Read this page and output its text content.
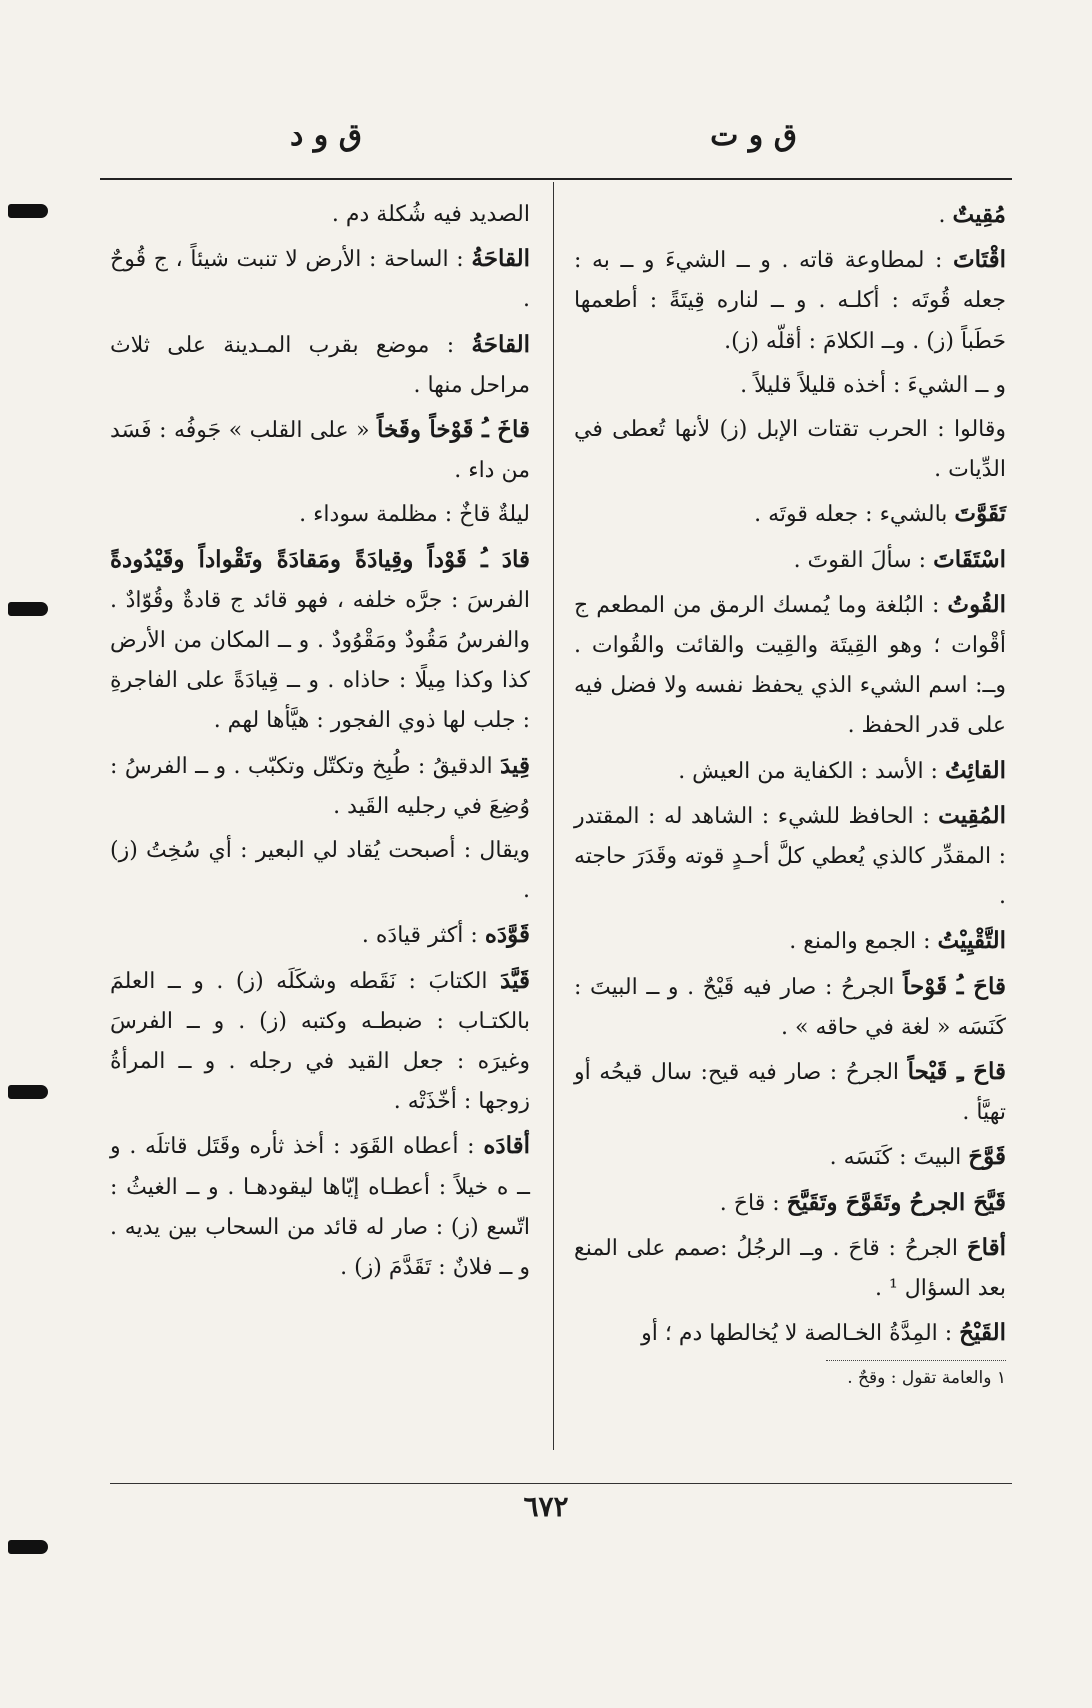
ق و ت
ق و د

مُقِيتٌ .

اقْتَاتَ : لمطاوعة قاته . و ــ الشيءَ و ــ به : جعله قُوتَه : أكلـه . و ــ لناره قِيتَةً : أطعمها حَطَباً (ز) . وــ الكلامَ : أقلّه (ز).

و ــ الشيءَ : أخذه قليلاً قليلاً .

وقالوا : الحرب تقتات الإبل (ز) لأنها تُعطى في الدِّيات .

تَقَوَّتَ بالشيء : جعله قوتَه .

اسْتَقَاتَ : سألَ القوتَ .

القُوتُ : البُلغة وما يُمسك الرمق من المطعم ج أقْوات ؛ وهو القِيتَة والقِيت والقائت والقُوات . وــ: اسم الشيء الذي يحفظ نفسه ولا فضل فيه على قدر الحفظ .

القائِتُ : الأسد : الكفاية من العيش .

المُقِيت : الحافظ للشيء : الشاهد له : المقتدر : المقدِّر كالذي يُعطي كلَّ أحـدٍ قوته وقَدَرَ حاجته .

التَّقْيِيْتُ : الجمع والمنع .

قاحَ ـُ قَوْحاً الجرحُ : صار فيه قَيْحٌ . و ــ البيتَ : كَنَسَه « لغة في حاقه » .

قاحَ ـِ قَيْحاً الجرحُ : صار فيه قيح: سال قيحُه أو تهيَّأ .

قَوَّحَ البيتَ : كَنَسَه .

قَيَّحَ الجرحُ وتَقَوَّحَ وتَقَيَّحَ : قاحَ .

أقاحَ الجرحُ : قاحَ . وــ الرجُلُ :صمم على المنع بعد السؤال ¹ .

القَيْحُ : المِدَّةُ الخـالصة لا يُخالطها دم ؛ أو

١ والعامة تقول : وقحٌ .

الصديد فيه شُكلة دم .

القاحَةُ : الساحة : الأرض لا تنبت شيئاً ، ج قُوحٌ .

القاحَةُ : موضع بقرب المـدينة على ثلاث مراحل منها .

قاخَ ـُ قَوْخاً وقَخاً « على القلب » جَوفُه : فَسَد من داء .

ليلةٌ قاخٌ : مظلمة سوداء .

قادَ ـُ قَوْداً وقِيادَةً ومَقادَةً وتَقْواداً وقَيْدُودةً الفرسَ : جرَّه خلفه ، فهو قائد ج قادةٌ وقُوّادٌ . والفرسُ مَقُودٌ ومَقْوُودٌ . و ــ المكان من الأرض كذا وكذا مِيلًا : حاذاه . و ــ قِيادَةً على الفاجرةِ : جلب لها ذوي الفجور : هيَّأها لهم .

قِيدَ الدقيقُ : طُبِخ وتكتّل وتكبّب . و ــ الفرسُ : وُضِعَ في رجليه القَيد .

ويقال : أصبحت يُقاد لي البعير : أي سُخِتُ (ز) .

قَوَّدَه : أكثر قيادَه .

قَيَّدَ الكتابَ : نَقَطه وشكَلَه (ز) . و ــ العلمَ بالكتـاب : ضبطـه وكتبه (ز) . و ــ الفرسَ وغيرَه : جعل القيد في رجله . و ــ المرأةُ زوجها : أخّذَتْه .

أقادَه : أعطاه القَوَد : أخذ ثأره وقَتَل قاتلَه . و ــ ه خيلاً : أعطـاه إيّاها ليقودهـا . و ــ الغيثُ : اتّسع (ز) : صار له قائد من السحاب بين يديه . و ــ فلانٌ : تَقَدَّمَ (ز) .

٦٧٢
